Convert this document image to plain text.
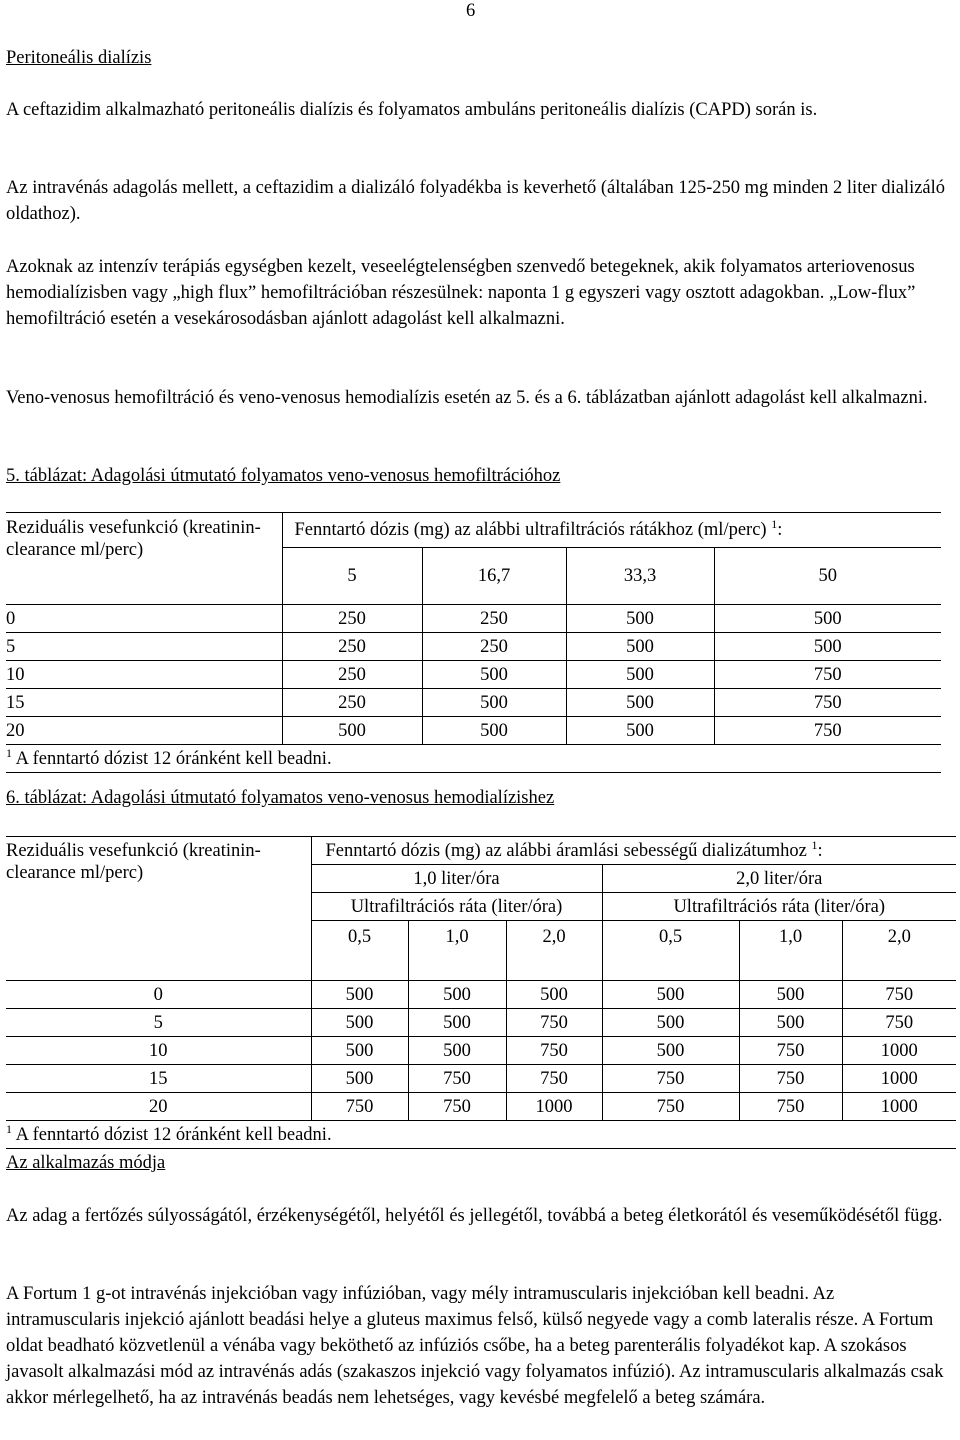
6

Peritoneális dialízis

A ceftazidim alkalmazható peritoneális dialízis és folyamatos ambuláns peritoneális dialízis (CAPD) során is.

Az intravénás adagolás mellett, a ceftazidim a dializáló folyadékba is keverhető (általában 125-250 mg minden 2 liter dializáló oldathoz).

Azoknak az intenzív terápiás egységben kezelt, veseelégtelenségben szenvedő betegeknek, akik folyamatos arteriovenosus hemodialízisben vagy „high flux” hemofiltrációban részesülnek: naponta 1 g egyszeri vagy osztott adagokban. „Low-flux” hemofiltráció esetén a vesekárosodásban ajánlott adagolást kell alkalmazni.

Veno-venosus hemofiltráció és veno-venosus hemodialízis esetén az 5. és a 6. táblázatban ajánlott adagolást kell alkalmazni.

5. táblázat: Adagolási útmutató folyamatos veno-venosus hemofiltrációhoz

Reziduális vesefunkció (kreatinin-clearance ml/perc)	Fenntartó dózis (mg) az alábbi ultrafiltrációs rátákhoz (ml/perc) $^1$:			
	5	16,7	33,3	50
0	250	250	500	500
5	250	250	500	500
10	250	500	500	750
15	250	500	500	750
20	500	500	500	750
$^1$ A fenntartó dózist 12 óránként kell beadni.				

6. táblázat: Adagolási útmutató folyamatos veno-venosus hemodialízishez

Reziduális vesefunkció (kreatinin-clearance ml/perc)	Fenntartó dózis (mg) az alábbi áramlási sebességű dializátumhoz $^1$:					
	1,0 liter/óra			2,0 liter/óra		
	Ultrafiltrációs ráta (liter/óra)			Ultrafiltrációs ráta (liter/óra)		
	0,5	1,0	2,0	0,5	1,0	2,0

0	500	500	500	500	500	750
5	500	500	750	500	500	750
10	500	500	750	500	750	1000
15	500	750	750	750	750	1000
20	750	750	1000	750	750	1000
$^1$ A fenntartó dózist 12 óránként kell beadni.						

Az alkalmazás módja

Az adag a fertőzés súlyosságától, érzékenységétől, helyétől és jellegétől, továbbá a beteg életkorától és veseműködésétől függ.

A Fortum 1 g-ot intravénás injekcióban vagy infúzióban, vagy mély intramuscularis injekcióban kell beadni. Az intramuscularis injekció ajánlott beadási helye a gluteus maximus felső, külső negyede vagy a comb lateralis része. A Fortum oldat beadható közvetlenül a vénába vagy beköthető az infúziós csőbe, ha a beteg parenterális folyadékot kap. A szokásos javasolt alkalmazási mód az intravénás adás (szakaszos injekció vagy folyamatos infúzió). Az intramuscularis alkalmazás csak akkor mérlegelhető, ha az intravénás beadás nem lehetséges, vagy kevésbé megfelelő a beteg számára.
